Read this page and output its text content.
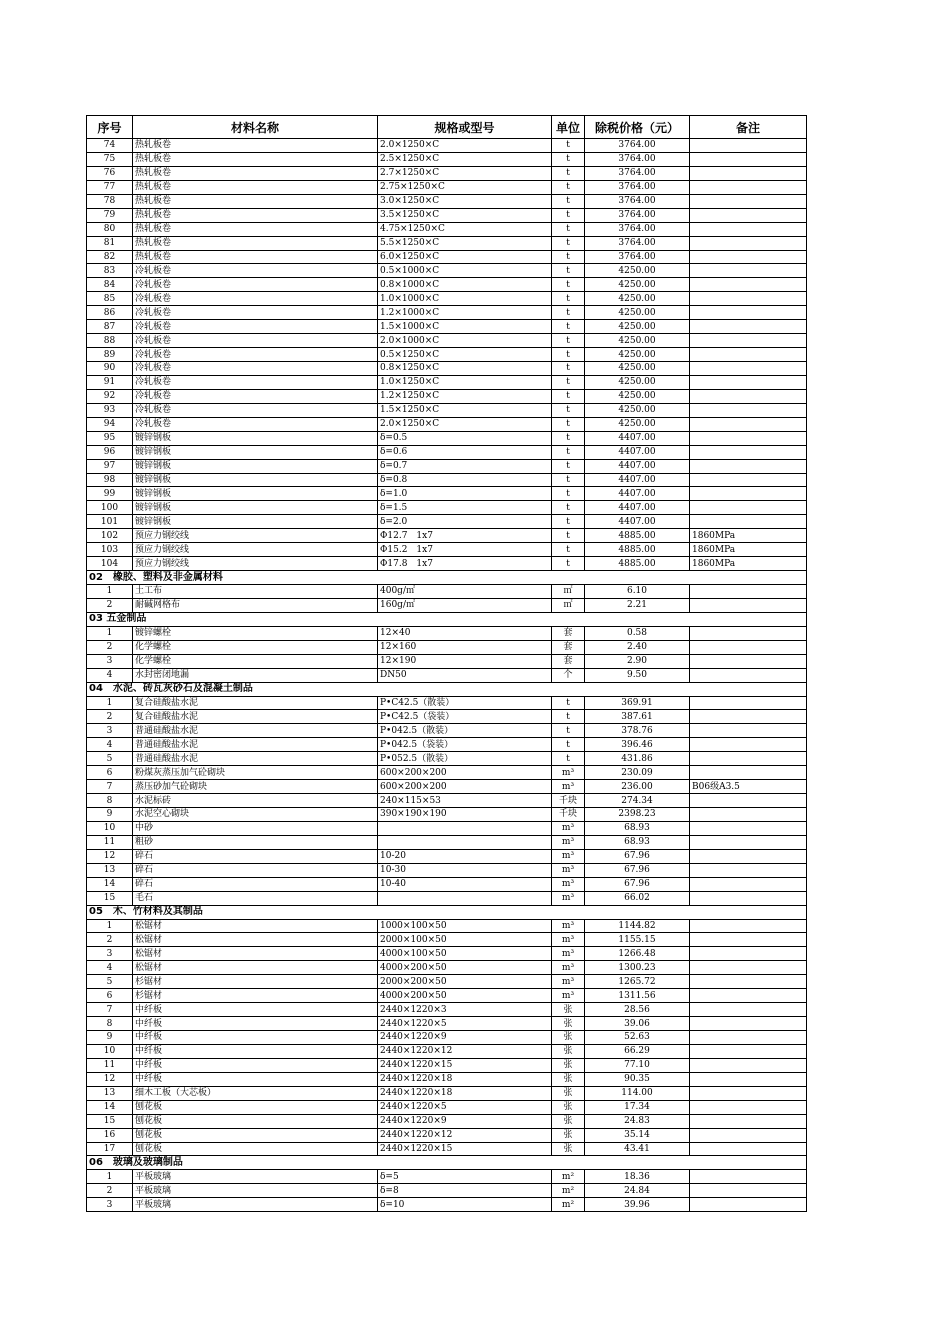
序号	材料名称	规格或型号	单位	除税价格（元）	备注
74	热轧板卷	2.0×1250×C	t	3764.00	
75	热轧板卷	2.5×1250×C	t	3764.00	
76	热轧板卷	2.7×1250×C	t	3764.00	
77	热轧板卷	2.75×1250×C	t	3764.00	
78	热轧板卷	3.0×1250×C	t	3764.00	
79	热轧板卷	3.5×1250×C	t	3764.00	
80	热轧板卷	4.75×1250×C	t	3764.00	
81	热轧板卷	5.5×1250×C	t	3764.00	
82	热轧板卷	6.0×1250×C	t	3764.00	
83	冷轧板卷	0.5×1000×C	t	4250.00	
84	冷轧板卷	0.8×1000×C	t	4250.00	
85	冷轧板卷	1.0×1000×C	t	4250.00	
86	冷轧板卷	1.2×1000×C	t	4250.00	
87	冷轧板卷	1.5×1000×C	t	4250.00	
88	冷轧板卷	2.0×1000×C	t	4250.00	
89	冷轧板卷	0.5×1250×C	t	4250.00	
90	冷轧板卷	0.8×1250×C	t	4250.00	
91	冷轧板卷	1.0×1250×C	t	4250.00	
92	冷轧板卷	1.2×1250×C	t	4250.00	
93	冷轧板卷	1.5×1250×C	t	4250.00	
94	冷轧板卷	2.0×1250×C	t	4250.00	
95	镀锌钢板	δ=0.5	t	4407.00	
96	镀锌钢板	δ=0.6	t	4407.00	
97	镀锌钢板	δ=0.7	t	4407.00	
98	镀锌钢板	δ=0.8	t	4407.00	
99	镀锌钢板	δ=1.0	t	4407.00	
100	镀锌钢板	δ=1.5	t	4407.00	
101	镀锌钢板	δ=2.0	t	4407.00	
102	预应力钢绞线	Φ12.7　1x7	t	4885.00	1860MPa
103	预应力钢绞线	Φ15.2　1x7	t	4885.00	1860MPa
104	预应力钢绞线	Φ17.8　1x7	t	4885.00	1860MPa
02　橡胶、塑料及非金属材料					
1	土工布	400g/㎡	㎡	6.10	
2	耐碱网格布	160g/㎡	㎡	2.21	
03 五金制品					
1	镀锌螺栓	12×40	套	0.58	
2	化学螺栓	12×160	套	2.40	
3	化学螺栓	12×190	套	2.90	
4	水封密闭地漏	DN50	个	9.50	
04　水泥、砖瓦灰砂石及混凝土制品					
1	复合硅酸盐水泥	P•C42.5（散装）	t	369.91	
2	复合硅酸盐水泥	P•C42.5（袋装）	t	387.61	
3	普通硅酸盐水泥	P•042.5（散装）	t	378.76	
4	普通硅酸盐水泥	P•042.5（袋装）	t	396.46	
5	普通硅酸盐水泥	P•052.5（散装）	t	431.86	
6	粉煤灰蒸压加气砼砌块	600×200×200	m³	230.09	
7	蒸压砂加气砼砌块	600×200×200	m³	236.00	B06级A3.5
8	水泥标砖	240×115×53	千块	274.34	
9	水泥空心砌块	390×190×190	千块	2398.23	
10	中砂		m³	68.93	
11	粗砂		m³	68.93	
12	碎石	10-20	m³	67.96	
13	碎石	10-30	m³	67.96	
14	碎石	10-40	m³	67.96	
15	毛石		m³	66.02	
05　木、竹材料及其制品					
1	松锯材	1000×100×50	m³	1144.82	
2	松锯材	2000×100×50	m³	1155.15	
3	松锯材	4000×100×50	m³	1266.48	
4	松锯材	4000×200×50	m³	1300.23	
5	杉锯材	2000×200×50	m³	1265.72	
6	杉锯材	4000×200×50	m³	1311.56	
7	中纤板	2440×1220×3	张	28.56	
8	中纤板	2440×1220×5	张	39.06	
9	中纤板	2440×1220×9	张	52.63	
10	中纤板	2440×1220×12	张	66.29	
11	中纤板	2440×1220×15	张	77.10	
12	中纤板	2440×1220×18	张	90.35	
13	细木工板（大芯板）	2440×1220×18	张	114.00	
14	刨花板	2440×1220×5	张	17.34	
15	刨花板	2440×1220×9	张	24.83	
16	刨花板	2440×1220×12	张	35.14	
17	刨花板	2440×1220×15	张	43.41	
06　玻璃及玻璃制品					
1	平板玻璃	δ=5	m²	18.36	
2	平板玻璃	δ=8	m²	24.84	
3	平板玻璃	δ=10	m²	39.96	
